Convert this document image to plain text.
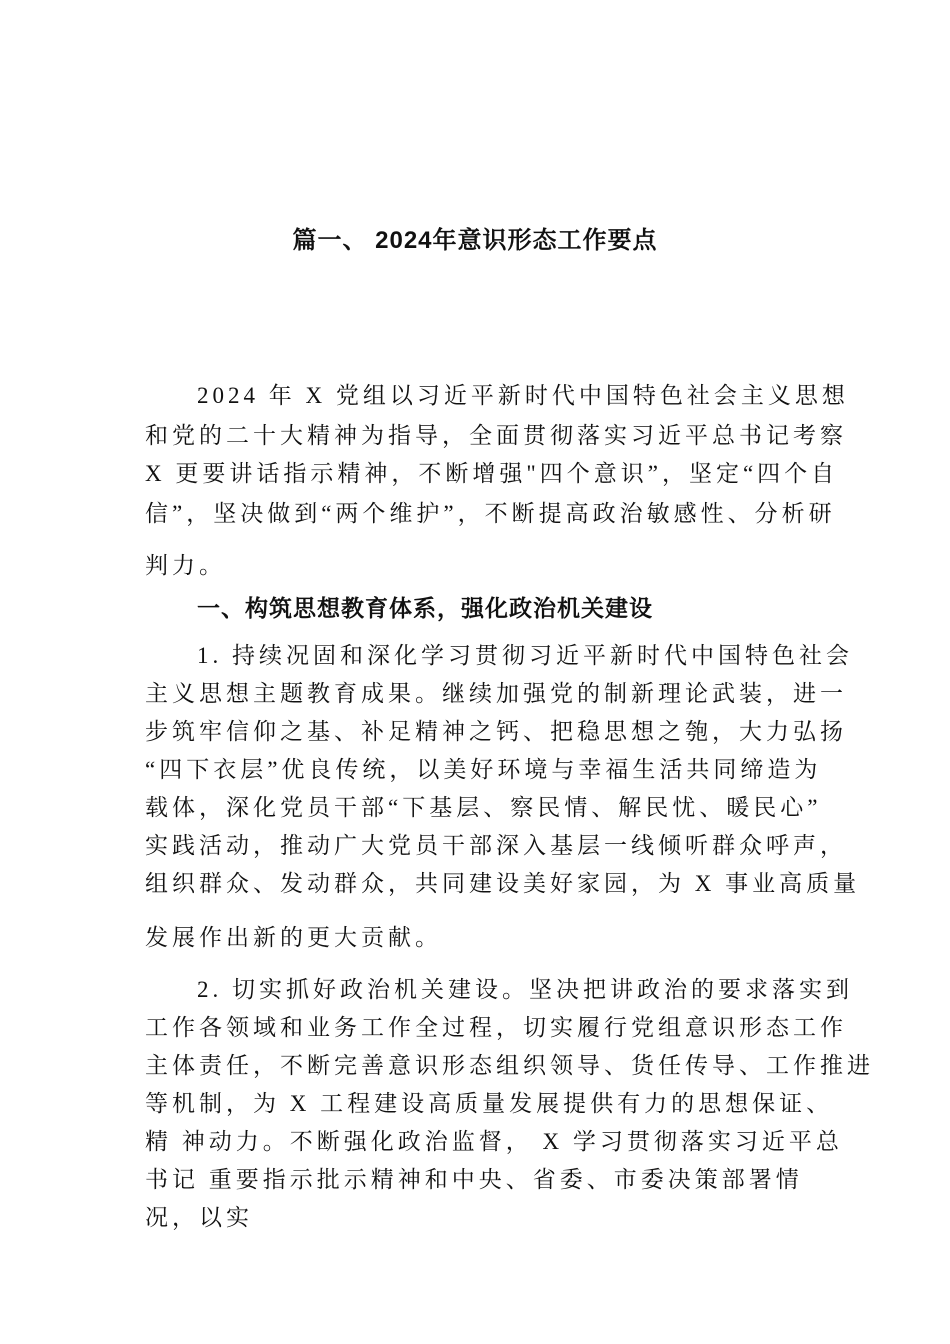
篇一、 2024年意识形态工作要点
2024 年 X 党组以习近平新时代中国特色社会主义思想
和党的二十大精神为指导，全面贯彻落实习近平总书记考察
X 更要讲话指示精神，不断增强"四个意识”，坚定“四个自
信”，坚决做到“两个维护”，不断提高政治敏感性、分析研
判力。
一、构筑思想教育体系，强化政治机关建设
1. 持续况固和深化学习贯彻习近平新时代中国特色社会
主义思想主题教育成果。继续加强党的制新理论武装，进一
步筑牢信仰之基、补足精神之钙、把稳思想之匏，大力弘扬
“四下衣层”优良传统，以美好环境与幸福生活共同缔造为
载体，深化党员干部“下基层、察民情、解民忧、暖民心”
实践活动，推动广大党员干部深入基层一线倾听群众呼声，
组织群众、发动群众，共同建设美好家园，为 X 事业高质量
发展作出新的更大贡献。
2. 切实抓好政治机关建设。坚决把讲政治的要求落实到
工作各领域和业务工作全过程，切实履行党组意识形态工作
主体责任，不断完善意识形态组织领导、货任传导、工作推进
等机制，为 X 工程建设高质量发展提供有力的思想保证、
精 神动力。不断强化政治监督， X 学习贯彻落实习近平总
书记 重要指示批示精神和中央、省委、市委决策部署情
况，以实
